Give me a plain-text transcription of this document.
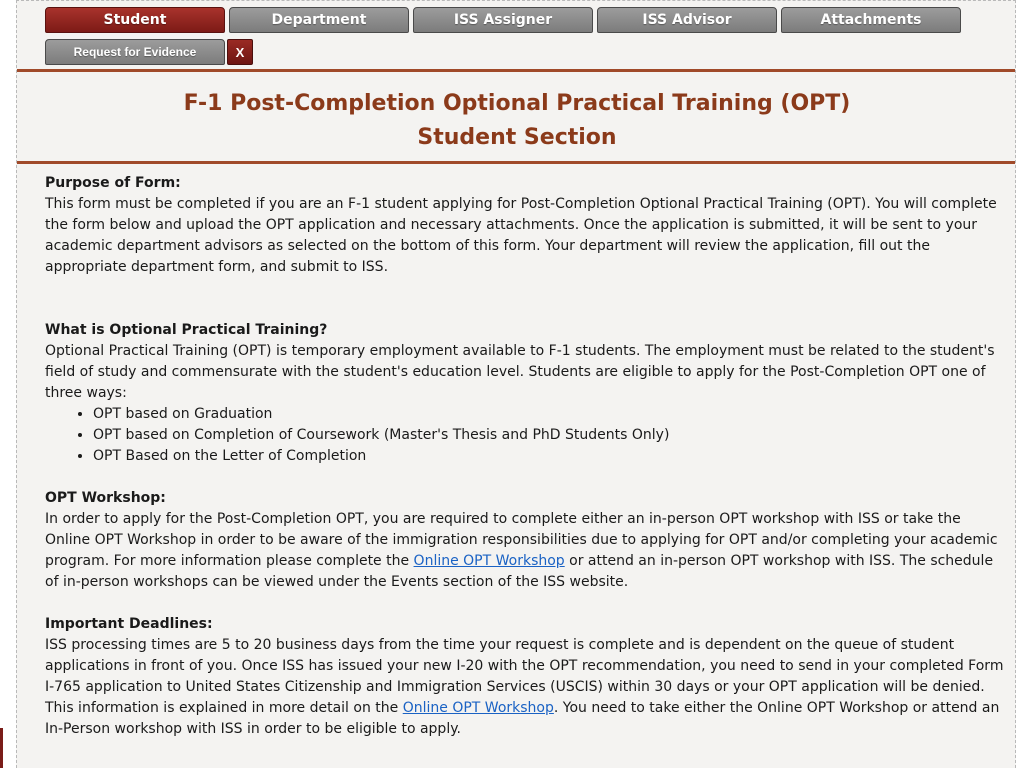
Student	Department	ISS Assigner	ISS Advisor	Attachments
Request for Evidence	X
F-1 Post-Completion Optional Practical Training (OPT)
Student Section
Purpose of Form:

This form must be completed if you are an F-1 student applying for Post-Completion Optional Practical Training (OPT). You will complete the form below and upload the OPT application and necessary attachments. Once the application is submitted, it will be sent to your academic department advisors as selected on the bottom of this form. Your department will review the application, fill out the appropriate department form, and submit to ISS.

What is Optional Practical Training?

Optional Practical Training (OPT) is temporary employment available to F-1 students. The employment must be related to the student's field of study and commensurate with the student's education level. Students are eligible to apply for the Post-Completion OPT one of three ways:

• OPT based on Graduation
• OPT based on Completion of Coursework (Master's Thesis and PhD Students Only)
• OPT Based on the Letter of Completion
OPT Workshop:

In order to apply for the Post-Completion OPT, you are required to complete either an in-person OPT workshop with ISS or take the Online OPT Workshop in order to be aware of the immigration responsibilities due to applying for OPT and/or completing your academic program. For more information please complete the Online OPT Workshop or attend an in-person OPT workshop with ISS. The schedule of in-person workshops can be viewed under the Events section of the ISS website.

Important Deadlines:

ISS processing times are 5 to 20 business days from the time your request is complete and is dependent on the queue of student applications in front of you. Once ISS has issued your new I-20 with the OPT recommendation, you need to send in your completed Form I-765 application to United States Citizenship and Immigration Services (USCIS) within 30 days or your OPT application will be denied. This information is explained in more detail on the Online OPT Workshop. You need to take either the Online OPT Workshop or attend an In-Person workshop with ISS in order to be eligible to apply.
